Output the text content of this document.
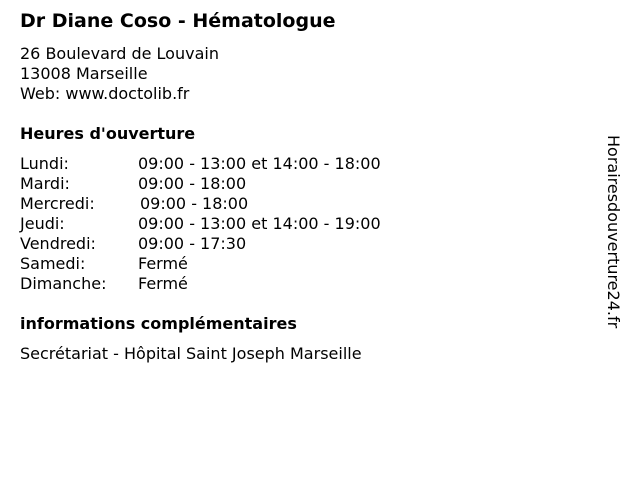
Dr Diane Coso - Hématologue
26 Boulevard de Louvain
13008 Marseille
Web: www.doctolib.fr
Heures d'ouverture
Lundi:	09:00 - 13:00 et 14:00 - 18:00
Mardi:	09:00 - 18:00
Mercredi:	09:00 - 18:00
Jeudi:	09:00 - 13:00 et 14:00 - 19:00
Vendredi:	09:00 - 17:30
Samedi:	Fermé
Dimanche: Fermé
informations complémentaires
Secrétariat - Hôpital Saint Joseph Marseille
Horairesdouverture24.fr
